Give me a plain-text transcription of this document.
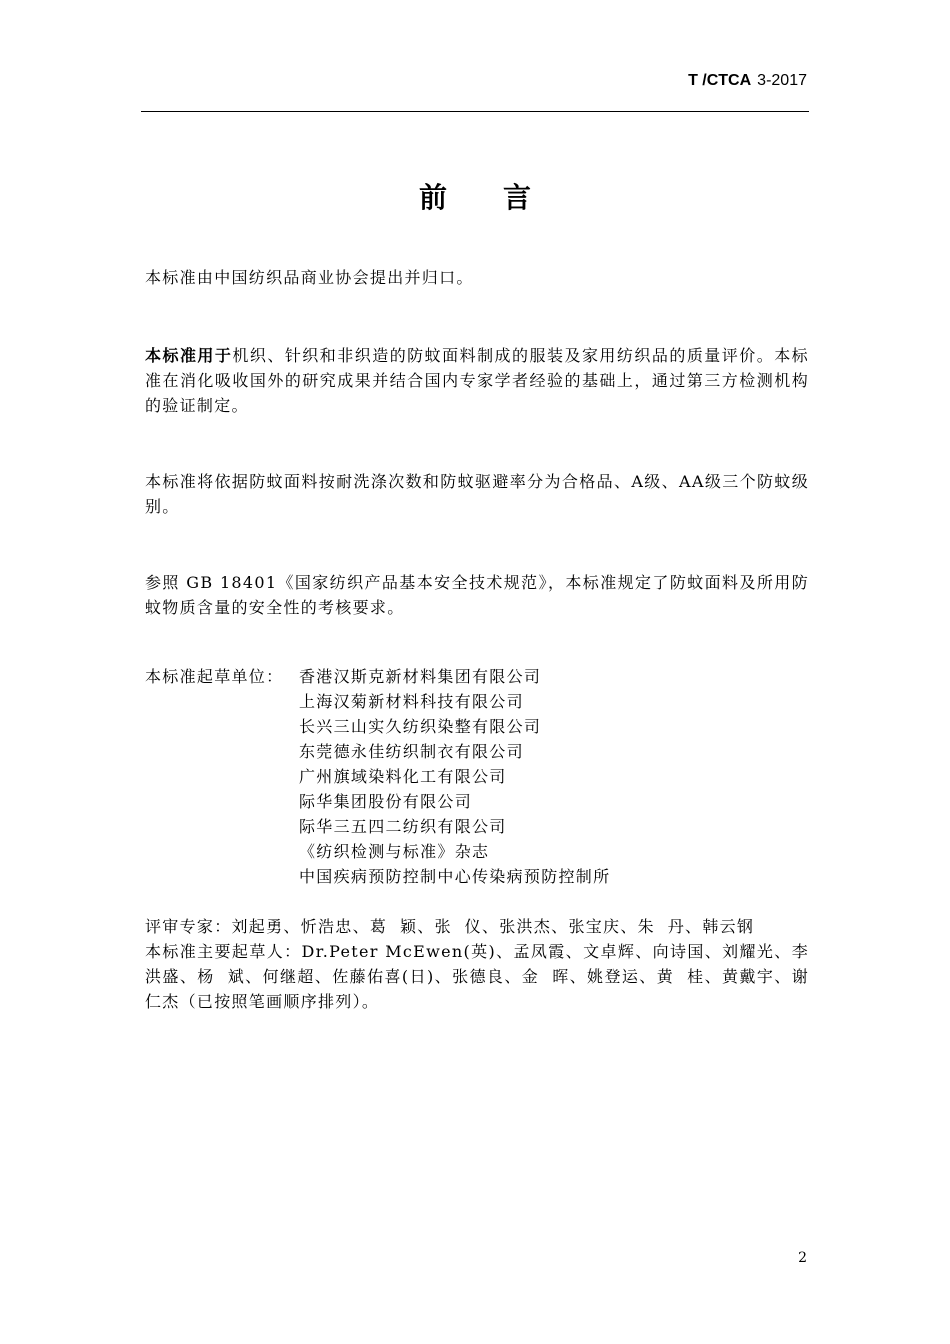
T /CTCA 3-2017
前言

本标准由中国纺织品商业协会提出并归口。

本标准用于机织、针织和非织造的防蚊面料制成的服装及家用纺织品的质量评价。本标准在消化吸收国外的研究成果并结合国内专家学者经验的基础上，通过第三方检测机构的验证制定。

本标准将依据防蚊面料按耐洗涤次数和防蚊驱避率分为合格品、A级、AA级三个防蚊级别。

参照 GB 18401《国家纺织产品基本安全技术规范》，本标准规定了防蚊面料及所用防蚊物质含量的安全性的考核要求。

本标准起草单位： 香港汉斯克新材料集团有限公司
上海汉菊新材料科技有限公司
长兴三山实久纺织染整有限公司
东莞德永佳纺织制衣有限公司
广州旗域染料化工有限公司
际华集团股份有限公司
际华三五四二纺织有限公司
《纺织检测与标准》杂志
中国疾病预防控制中心传染病预防控制所

评审专家：刘起勇、忻浩忠、葛  颖、张  仪、张洪杰、张宝庆、朱  丹、韩云钢
本标准主要起草人：Dr.Peter McEwen(英)、孟凤霞、文卓辉、向诗国、刘耀光、李洪盛、杨  斌、何继超、佐藤佑喜(日)、张德良、金  晖、姚登运、黄  桂、黄戴宇、谢仁杰（已按照笔画顺序排列）。

2
